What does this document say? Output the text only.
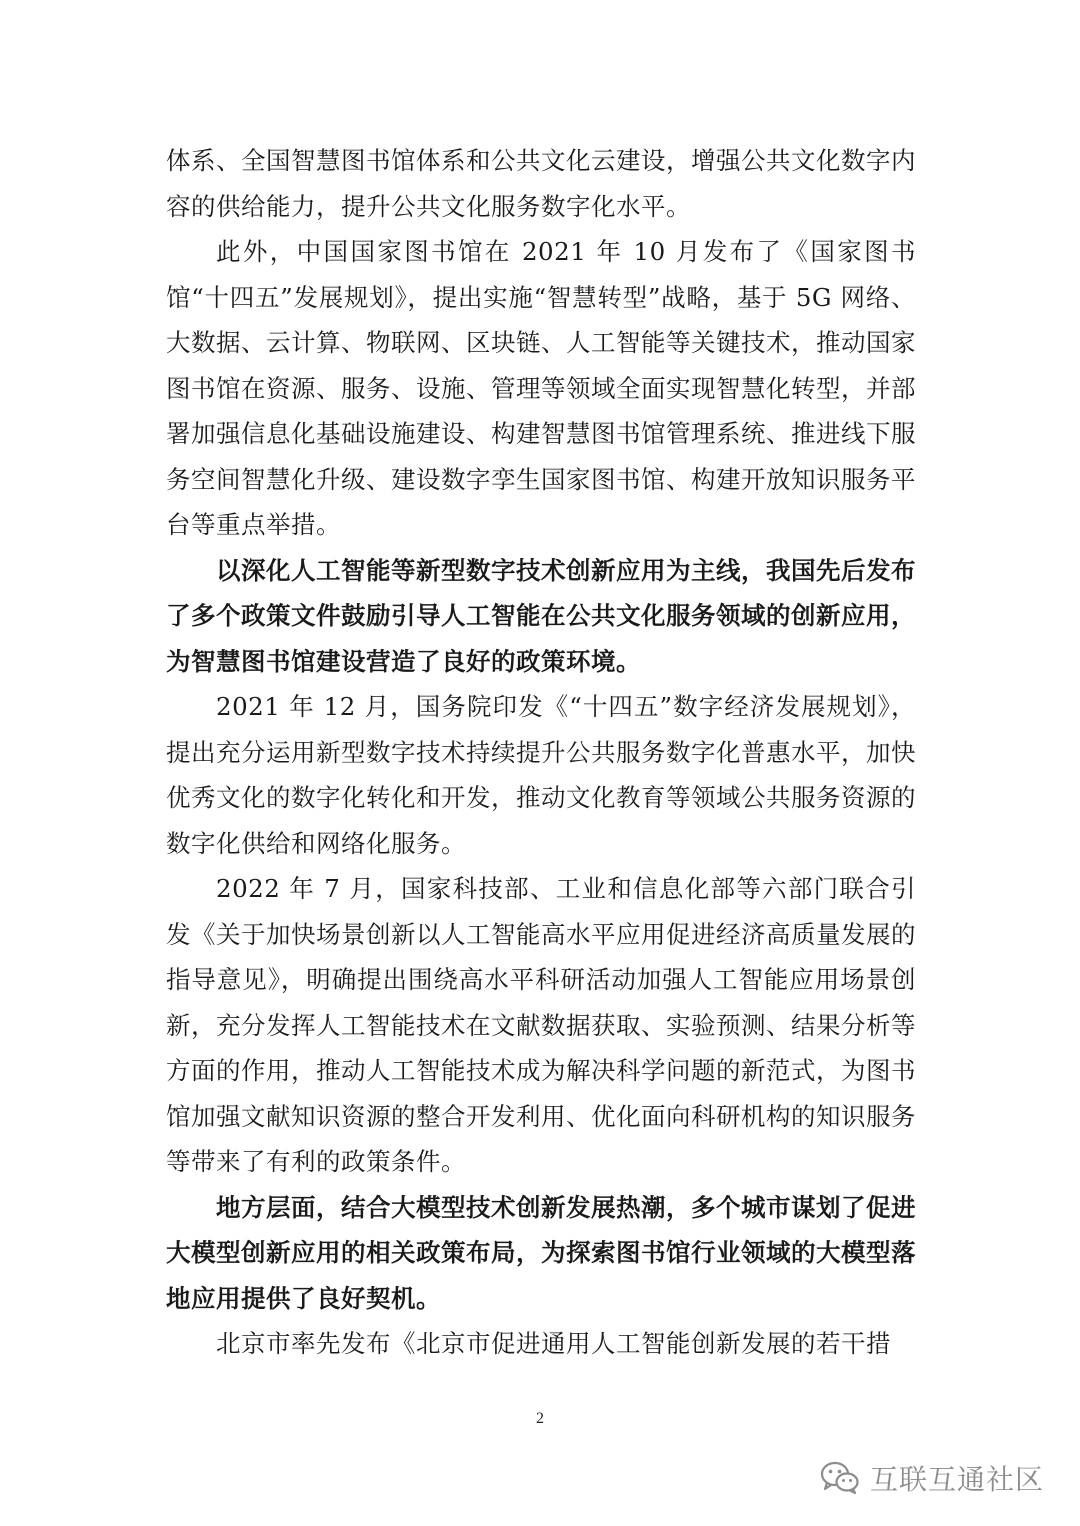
体系、全国智慧图书馆体系和公共文化云建设，增强公共文化数字内容的供给能力，提升公共文化服务数字化水平。

此外，中国国家图书馆在 2021 年 10 月发布了《国家图书馆“十四五”发展规划》，提出实施“智慧转型”战略，基于 5G 网络、大数据、云计算、物联网、区块链、人工智能等关键技术，推动国家图书馆在资源、服务、设施、管理等领域全面实现智慧化转型，并部署加强信息化基础设施建设、构建智慧图书馆管理系统、推进线下服务空间智慧化升级、建设数字孪生国家图书馆、构建开放知识服务平台等重点举措。

以深化人工智能等新型数字技术创新应用为主线，我国先后发布了多个政策文件鼓励引导人工智能在公共文化服务领域的创新应用，为智慧图书馆建设营造了良好的政策环境。

2021 年 12 月，国务院印发《“十四五”数字经济发展规划》，提出充分运用新型数字技术持续提升公共服务数字化普惠水平，加快优秀文化的数字化转化和开发，推动文化教育等领域公共服务资源的数字化供给和网络化服务。

2022 年 7 月，国家科技部、工业和信息化部等六部门联合引发《关于加快场景创新以人工智能高水平应用促进经济高质量发展的指导意见》，明确提出围绕高水平科研活动加强人工智能应用场景创新，充分发挥人工智能技术在文献数据获取、实验预测、结果分析等方面的作用，推动人工智能技术成为解决科学问题的新范式，为图书馆加强文献知识资源的整合开发利用、优化面向科研机构的知识服务等带来了有利的政策条件。

地方层面，结合大模型技术创新发展热潮，多个城市谋划了促进大模型创新应用的相关政策布局，为探索图书馆行业领域的大模型落地应用提供了良好契机。

北京市率先发布《北京市促进通用人工智能创新发展的若干措

2
互联互通社区
